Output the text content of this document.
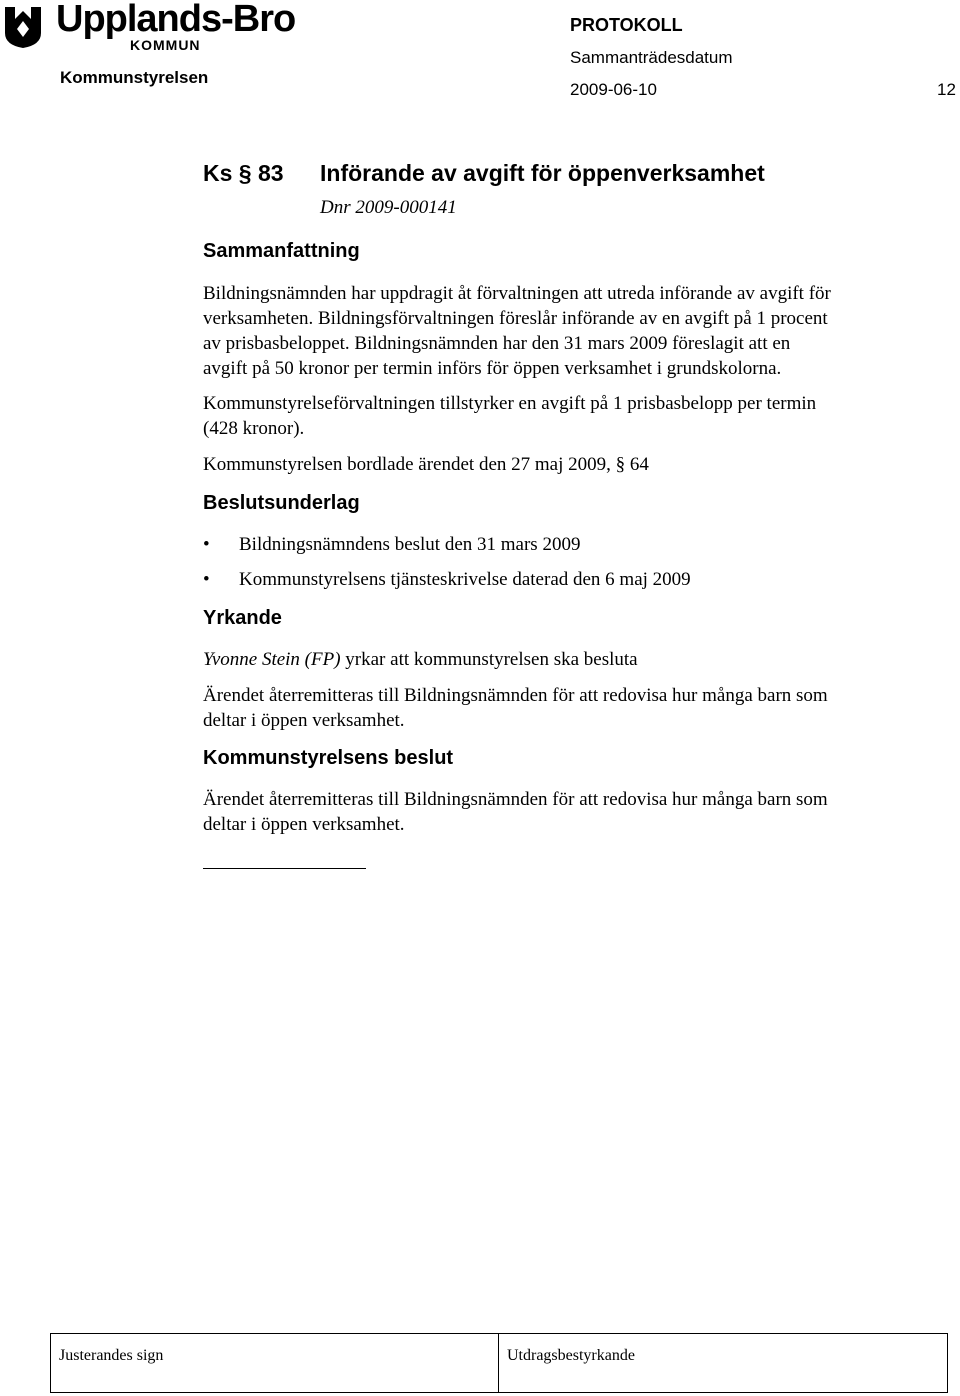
Upplands-Bro
KOMMUN
Kommunstyrelsen
PROTOKOLL
Sammanträdesdatum
2009-06-10	12
Ks § 83 Införande av avgift för öppenverksamhet
Dnr 2009-000141
Sammanfattning
Bildningsnämnden har uppdragit åt förvaltningen att utreda införande av avgift för
verksamheten. Bildningsförvaltningen föreslår införande av en avgift på 1 procent
av prisbasbeloppet. Bildningsnämnden har den 31 mars 2009 föreslagit att en
avgift på 50 kronor per termin införs för öppen verksamhet i grundskolorna.
Kommunstyrelseförvaltningen tillstyrker en avgift på 1 prisbasbelopp per termin
(428 kronor).
Kommunstyrelsen bordlade ärendet den 27 maj 2009, § 64
Beslutsunderlag
• Bildningsnämndens beslut den 31 mars 2009
• Kommunstyrelsens tjänsteskrivelse daterad den 6 maj 2009
Yrkande
Yvonne Stein (FP) yrkar att kommunstyrelsen ska besluta
Ärendet återremitteras till Bildningsnämnden för att redovisa hur många barn som
deltar i öppen verksamhet.
Kommunstyrelsens beslut
Ärendet återremitteras till Bildningsnämnden för att redovisa hur många barn som
deltar i öppen verksamhet.
Justerandes sign	Utdragsbestyrkande
